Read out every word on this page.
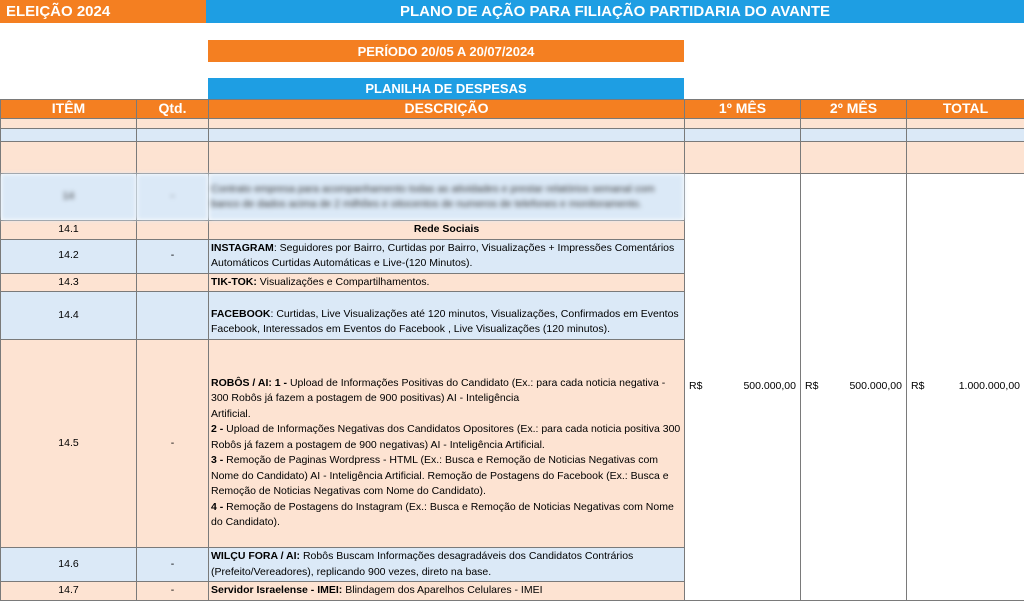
ELEIÇÃO 2024	PLANO DE AÇÃO PARA FILIAÇÃO PARTIDARIA DO AVANTE
PERÍODO 20/05 A 20/07/2024
PLANILHA DE DESPESAS
ITÊM	Qtd.	DESCRIÇÃO	1º MÊS	2º MÊS	TOTAL

14	-	Contrato empresa para acompanhamento todas as atividades e prestar relatórios semanal com banco de dados acima de 2 milhões e oitocentos de numeros de telefones e monitoramento.	R$ 500.000,00	R$ 500.000,00	R$ 1.000.000,00

14.1		Rede Sociais			
14.2	-	INSTAGRAM: Seguidores por Bairro, Curtidas por Bairro, Visualizações + Impressões Comentários Automáticos Curtidas Automáticas e Live-(120 Minutos).			
14.3		TIK-TOK: Visualizações e Compartilhamentos.			
14.4		FACEBOOK: Curtidas, Live Visualizações até 120 minutos, Visualizações, Confirmados em Eventos Facebook, Interessados em Eventos do Facebook , Live Visualizações (120 minutos).			
14.5	-	ROBÔS / AI: 1 - Upload de Informações Positivas do Candidato (Ex.: para cada noticia negativa - 300 Robôs já fazem a postagem de 900 positivas) AI - Inteligência
Artificial.
2 - Upload de Informações Negativas dos Candidatos Opositores (Ex.: para cada noticia positiva 300 Robôs já fazem a postagem de 900 negativas) AI - Inteligência Artificial.
3 - Remoção de Paginas Wordpress - HTML (Ex.: Busca e Remoção de Noticias Negativas com Nome do Candidato) AI - Inteligência Artificial. Remoção de Postagens do Facebook (Ex.: Busca e Remoção de Noticias Negativas com Nome do Candidato).
4 - Remoção de Postagens do Instagram (Ex.: Busca e Remoção de Noticias Negativas com Nome do Candidato).			

14.6	-	WILÇU FORA / AI: Robôs Buscam Informações desagradáveis dos Candidatos Contrários (Prefeito/Vereadores), replicando 900 vezes, direto na base.			
14.7	-	Servidor Israelense - IMEI: Blindagem dos Aparelhos Celulares - IMEI			
